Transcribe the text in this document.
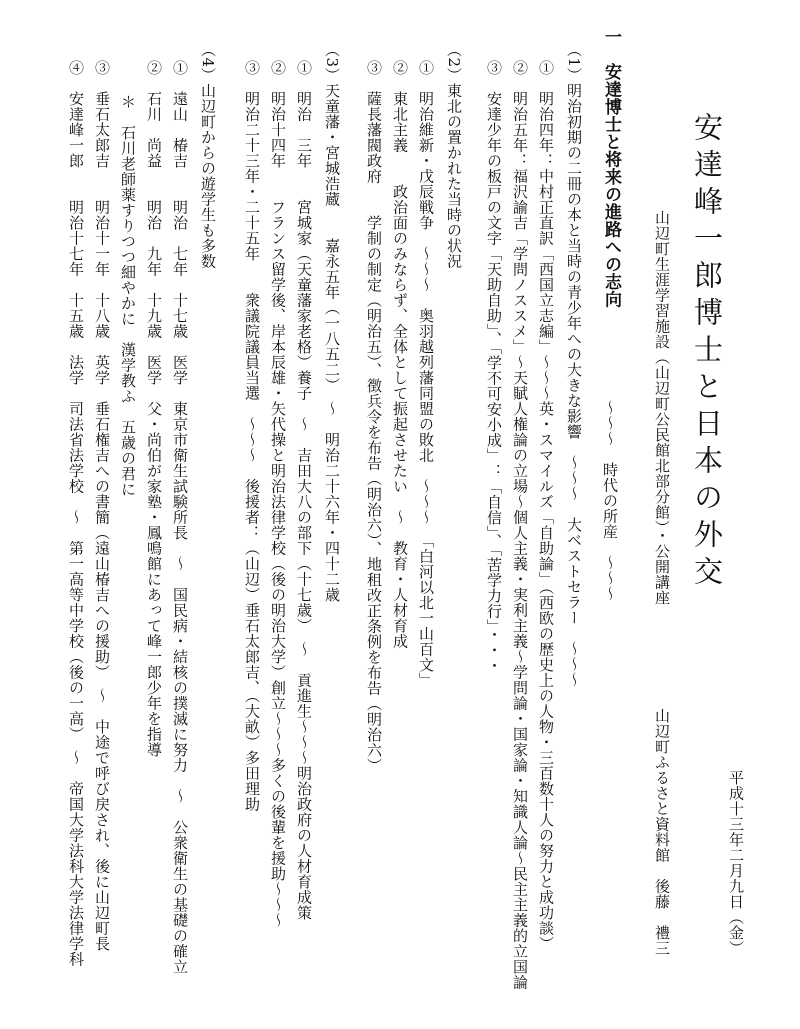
安達峰一郎博士と日本の外交
平成十三年二月九日（金）
山辺町生涯学習施設（山辺町公民館北部分館）・公開講座
山辺町ふるさと資料館　後藤　禮三
一　安達博士と将来の進路への志向
〜〜〜　時代の所産　〜〜〜
（1）明治初期の二冊の本と当時の青少年への大きな影響　〜〜〜　大ベストセラー　〜〜〜
①　明治四年：中村正直訳「西国立志編」〜〜〜英・スマイルズ「自助論」（西欧の歴史上の人物・三百数十人の努力と成功談）
②　明治五年：福沢諭吉「学問ノススメ」〜天賦人権論の立場〜個人主義・実利主義〜学問論・国家論・知識人論〜民主主義的立国論
③　安達少年の板戸の文字「天助自助」、「学不可安小成」：「自信」、「苦学力行」・・・
（2）東北の置かれた当時の状況
①　明治維新・戊辰戦争　〜〜〜　奥羽越列藩同盟の敗北　〜〜〜　「白河以北一山百文」
②　東北主義　　政治面のみならず、全体として振起させたい　〜　教育・人材育成
③　薩長藩閥政府　　学制の制定（明治五）、徴兵令を布告（明治六）、地租改正条例を布告（明治六）
（3）天童藩・宮城浩蔵　　嘉永五年（一八五二）　〜　明治二十六年・四十二歳
①　明治　三年　　宮城家（天童藩家老格）養子　〜　吉田大八の部下（十七歳）　〜　貢進生〜〜〜明治政府の人材育成策
②　明治十四年　　フランス留学後、岸本辰雄・矢代操と明治法律学校（後の明治大学）創立〜〜〜多くの後輩を援助〜〜〜
③　明治二十三年・二十五年　　衆議院議員当選　〜〜〜　後援者：（山辺）垂石太郎吉、（大畝）多田理助
（4）山辺町からの遊学生も多数
①　遠山　椿吉　　明治　七年　十七歳　医学　東京市衛生試験所長　〜　国民病・結核の撲滅に努力　〜　公衆衛生の基礎の確立
②　石川　尚益　　明治　九年　十九歳　医学　父・尚伯が家塾・鳳鳴館にあって峰一郎少年を指導
＊　石川老師薬すりつつ細やかに　漢学教ふ　五歳の君に
③　垂石太郎吉　　明治十一年　十八歳　英学　垂石権吉への書簡（遠山椿吉への援助）　〜　中途で呼び戻され、後に山辺町長
④　安達峰一郎　　明治十七年　十五歳　法学　司法省法学校　〜　第一高等中学校（後の一高）　〜　帝国大学法科大学法律学科
